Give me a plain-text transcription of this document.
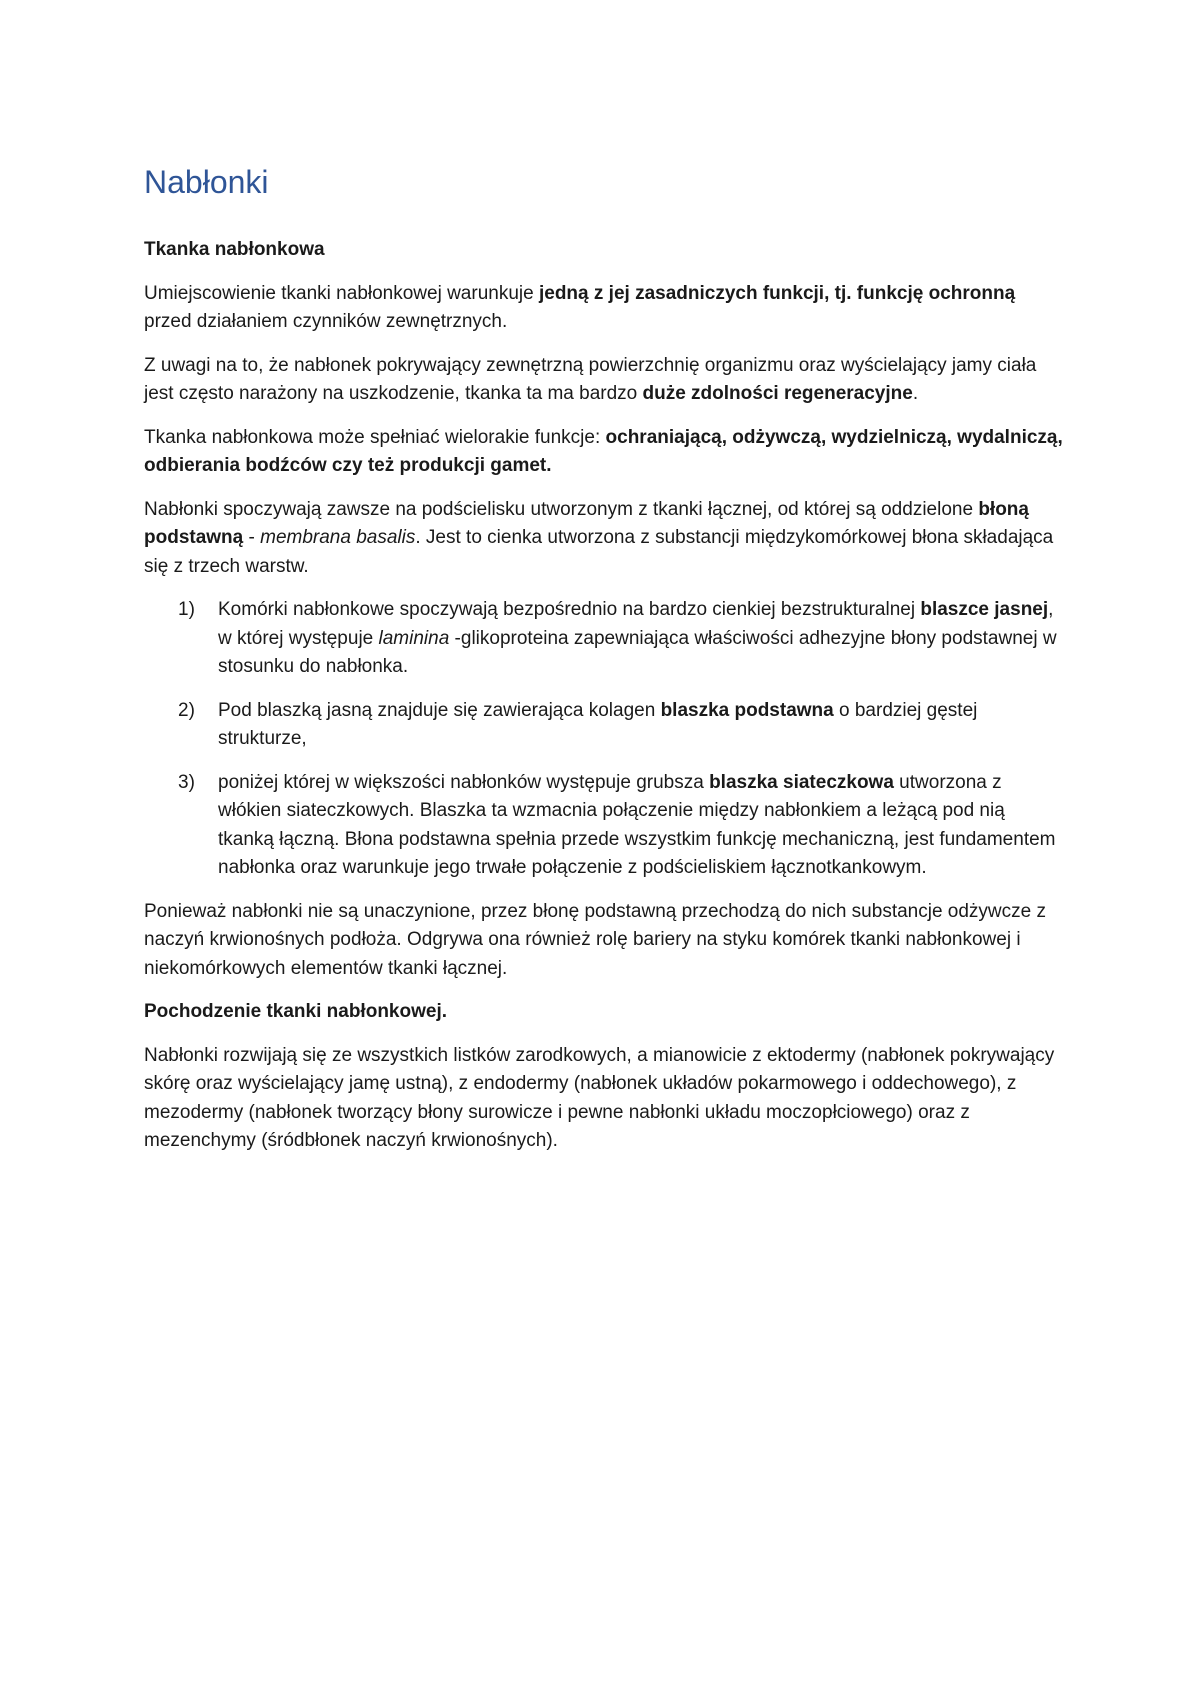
Nabłonki
Tkanka nabłonkowa

Umiejscowienie tkanki nabłonkowej warunkuje jedną z jej zasadniczych funkcji, tj. funkcję ochronną przed działaniem czynników zewnętrznych.

Z uwagi na to, że nabłonek pokrywający zewnętrzną powierzchnię organizmu oraz wyścielający jamy ciała jest często narażony na uszkodzenie, tkanka ta ma bardzo duże zdolności regeneracyjne.

Tkanka nabłonkowa może spełniać wielorakie funkcje: ochraniającą, odżywczą, wydzielniczą, wydalniczą, odbierania bodźców czy też produkcji gamet.

Nabłonki spoczywają zawsze na podścielisku utworzonym z tkanki łącznej, od której są oddzielone błoną podstawną - membrana basalis. Jest to cienka utworzona z substancji międzykomórkowej błona składająca się z trzech warstw.

1) Komórki nabłonkowe spoczywają bezpośrednio na bardzo cienkiej bezstrukturalnej blaszce jasnej, w której występuje laminina -glikoproteina zapewniająca właściwości adhezyjne błony podstawnej w stosunku do nabłonka.
2) Pod blaszką jasną znajduje się zawierająca kolagen blaszka podstawna o bardziej gęstej strukturze,
3) poniżej której w większości nabłonków występuje grubsza blaszka siateczkowa utworzona z włókien siateczkowych. Blaszka ta wzmacnia połączenie między nabłonkiem a leżącą pod nią tkanką łączną. Błona podstawna spełnia przede wszystkim funkcję mechaniczną, jest fundamentem nabłonka oraz warunkuje jego trwałe połączenie z podścieliskiem łącznotkankowym.

Ponieważ nabłonki nie są unaczynione, przez błonę podstawną przechodzą do nich substancje odżywcze z naczyń krwionośnych podłoża. Odgrywa ona również rolę bariery na styku komórek tkanki nabłonkowej i niekomórkowych elementów tkanki łącznej.

Pochodzenie tkanki nabłonkowej.

Nabłonki rozwijają się ze wszystkich listków zarodkowych, a mianowicie z ektodermy (nabłonek pokrywający skórę oraz wyścielający jamę ustną), z endodermy (nabłonek układów pokarmowego i oddechowego), z mezodermy (nabłonek tworzący błony surowicze i pewne nabłonki układu moczopłciowego) oraz z mezenchymy (śródbłonek naczyń krwionośnych).
